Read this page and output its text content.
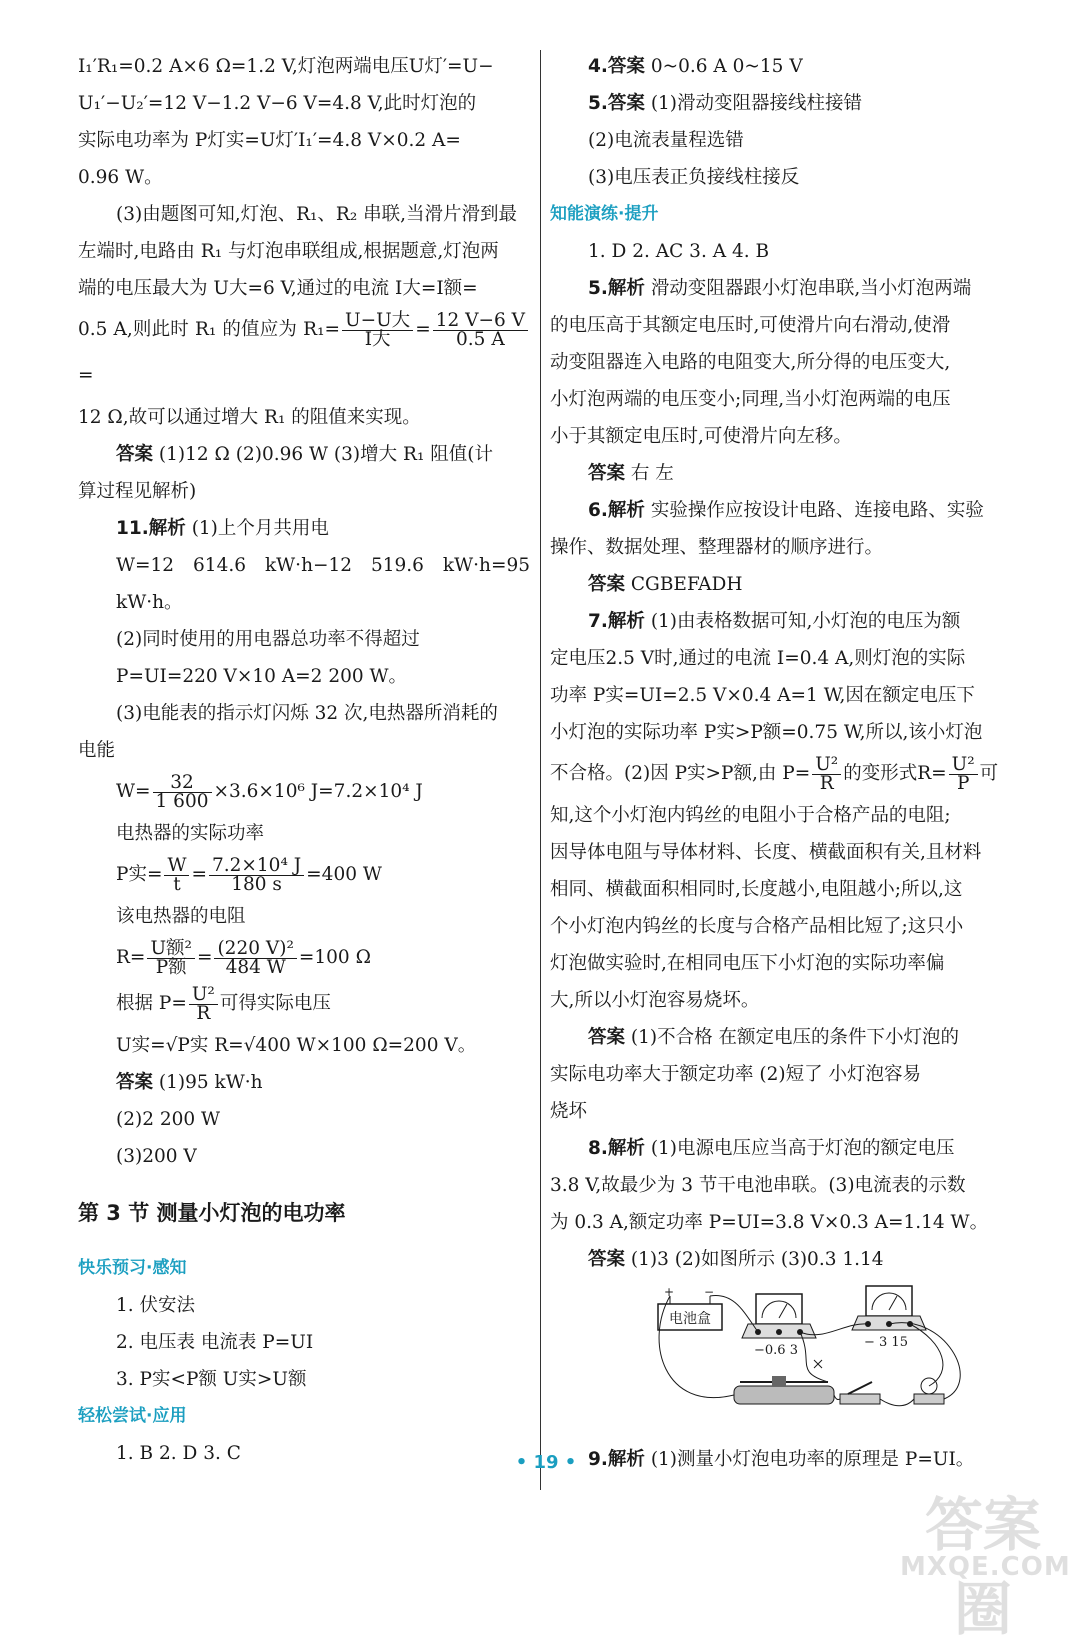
I₁′R₁=0.2 A×6 Ω=1.2 V,灯泡两端电压U灯′=U−

U₁′−U₂′=12 V−1.2 V−6 V=4.8 V,此时灯泡的

实际电功率为 P灯实=U灯′I₁′=4.8 V×0.2 A=

0.96 W。

(3)由题图可知,灯泡、R₁、R₂ 串联,当滑片滑到最

左端时,电路由 R₁ 与灯泡串联组成,根据题意,灯泡两

端的电压最大为 U大=6 V,通过的电流 I大=I额=

0.5 A,则此时 R₁ 的值应为 $R_1= \frac{\text{U−U大}}{\text{I大}} = \frac{12 V-6 V}{0.5 A}$
=

12 Ω,故可以通过增大 R₁ 的阻值来实现。

答案 (1)12 Ω (2)0.96 W (3)增大 R₁ 阻值(计

算过程见解析)

11.解析 (1)上个月共用电

W=12 614.6 kW·h−12 519.6 kW·h=95 kW·h。

(2)同时使用的用电器总功率不得超过

P=UI=220 V×10 A=2 200 W。

(3)电能表的指示灯闪烁 32 次,电热器所消耗的

电能

$W= \frac{32}{1 600} \times 3.6\times 10^6$ J=7.2×10⁴ J

电热器的实际功率

P实= $\frac{W}{t} = \frac{\text{7.2×10⁴ J}}{180 s} =400$ W

该电热器的电阻

$R= \frac{\text{U额²}}{\text{P额}} = \frac{\text{(220 V)²}}{484 W} =100$ Ω

根据 $P= \frac{\text{U²}}{R}$ 可得实际电压

U实=√P实 R=√400 W×100 Ω=200 V。

答案 (1)95 kW·h

(2)2 200 W

(3)200 V

第 3 节 测量小灯泡的电功率

快乐预习·感知

1. 伏安法

2. 电压表 电流表 P=UI

3. P实<P额 U实>U额

轻松尝试·应用

1. B 2. D 3. C

4.答案 0~0.6 A 0~15 V

5.答案 (1)滑动变阻器接线柱接错

(2)电流表量程选错

(3)电压表正负接线柱接反

知能演练·提升

1. D 2. AC 3. A 4. B

5.解析 滑动变阻器跟小灯泡串联,当小灯泡两端

的电压高于其额定电压时,可使滑片向右滑动,使滑

动变阻器连入电路的电阻变大,所分得的电压变大,

小灯泡两端的电压变小;同理,当小灯泡两端的电压

小于其额定电压时,可使滑片向左移。

答案 右 左

6.解析 实验操作应按设计电路、连接电路、实验

操作、数据处理、整理器材的顺序进行。

答案 CGBEFADH

7.解析 (1)由表格数据可知,小灯泡的电压为额

定电压2.5 V时,通过的电流 I=0.4 A,则灯泡的实际

功率 P实=UI=2.5 V×0.4 A=1 W,因在额定电压下

小灯泡的实际功率 P实>P额=0.75 W,所以,该小灯泡

不合格。(2)因 P实>P额,由 $P= \frac{\text{U²}}{R}$ 的变形式$R= \frac{\text{U²}}{P}$ 可

知,这个小灯泡内钨丝的电阻小于合格产品的电阻;

因导体电阻与导体材料、长度、横截面积有关,且材料

相同、横截面积相同时,长度越小,电阻越小;所以,这

个小灯泡内钨丝的长度与合格产品相比短了;这只小

灯泡做实验时,在相同电压下小灯泡的实际功率偏

大,所以小灯泡容易烧坏。

答案 (1)不合格 在额定电压的条件下小灯泡的

实际电功率大于额定功率 (2)短了 小灯泡容易

烧坏

8.解析 (1)电源电压应当高于灯泡的额定电压

3.8 V,故最少为 3 节干电池串联。(3)电流表的示数

为 0.3 A,额定功率 P=UI=3.8 V×0.3 A=1.14 W。

答案 (1)3 (2)如图所示 (3)0.3 1.14

电池盒
+ −
−0.6 3
− 3 15

9.解析 (1)测量小灯泡电功率的原理是 P=UI。

• 19 •
答案圈
MXQE.COM
